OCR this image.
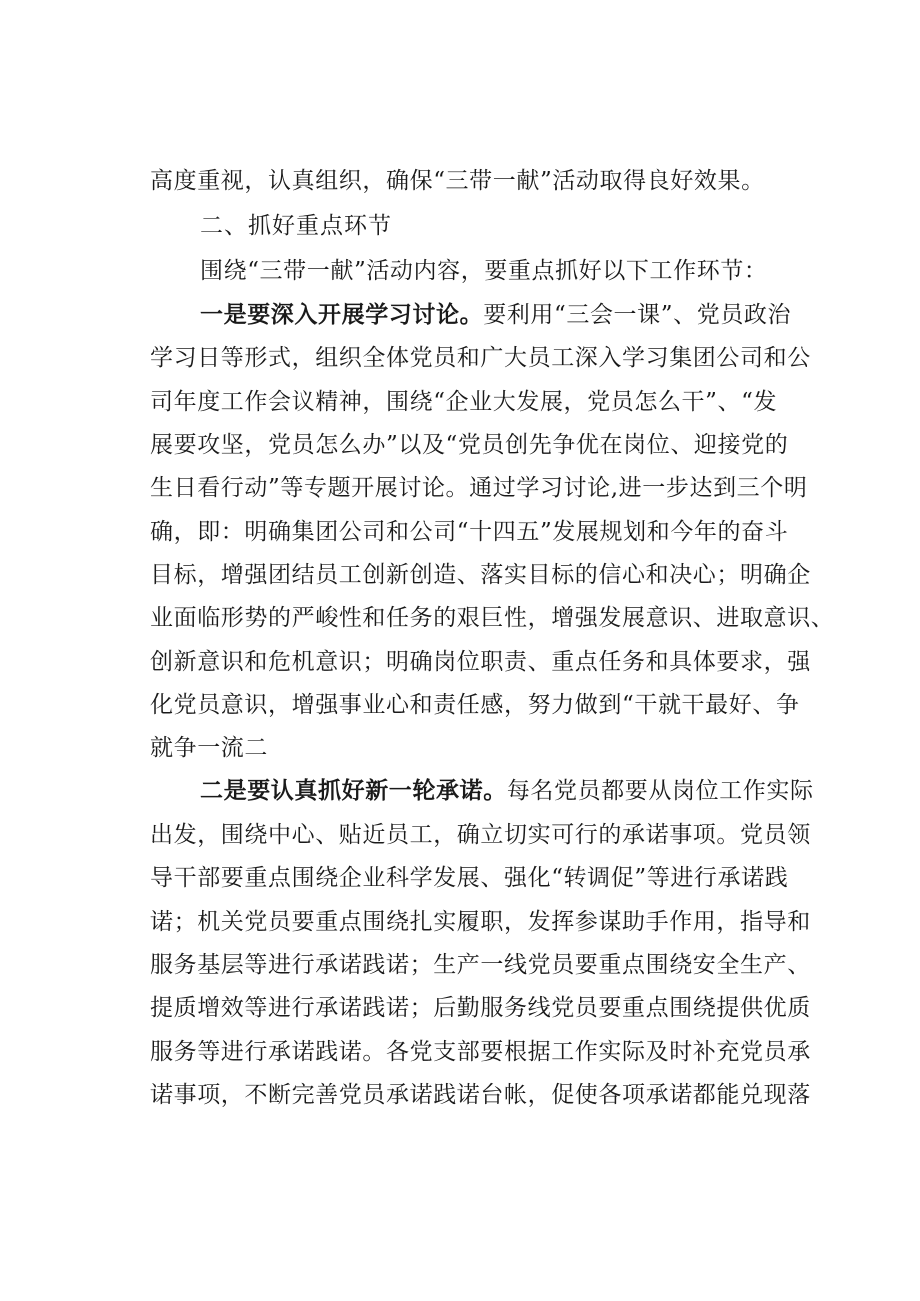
高度重视，认真组织，确保“三带一献”活动取得良好效果。
二、抓好重点环节
围绕“三带一献”活动内容，要重点抓好以下工作环节：
一是要深入开展学习讨论。要利用“三会一课”、党员政治
学习日等形式，组织全体党员和广大员工深入学习集团公司和公
司年度工作会议精神，围绕“企业大发展，党员怎么干”、“发
展要攻坚，党员怎么办”以及“党员创先争优在岗位、迎接党的
生日看行动”等专题开展讨论。通过学习讨论,进一步达到三个明
确，即：明确集团公司和公司“十四五”发展规划和今年的奋斗
目标，增强团结员工创新创造、落实目标的信心和决心；明确企
业面临形势的严峻性和任务的艰巨性，增强发展意识、进取意识、
创新意识和危机意识；明确岗位职责、重点任务和具体要求，强
化党员意识，增强事业心和责任感，努力做到“干就干最好、争
就争一流二
二是要认真抓好新一轮承诺。每名党员都要从岗位工作实际
出发，围绕中心、贴近员工，确立切实可行的承诺事项。党员领
导干部要重点围绕企业科学发展、强化“转调促”等进行承诺践
诺；机关党员要重点围绕扎实履职，发挥参谋助手作用，指导和
服务基层等进行承诺践诺；生产一线党员要重点围绕安全生产、
提质增效等进行承诺践诺；后勤服务线党员要重点围绕提供优质
服务等进行承诺践诺。各党支部要根据工作实际及时补充党员承
诺事项，不断完善党员承诺践诺台帐，促使各项承诺都能兑现落
